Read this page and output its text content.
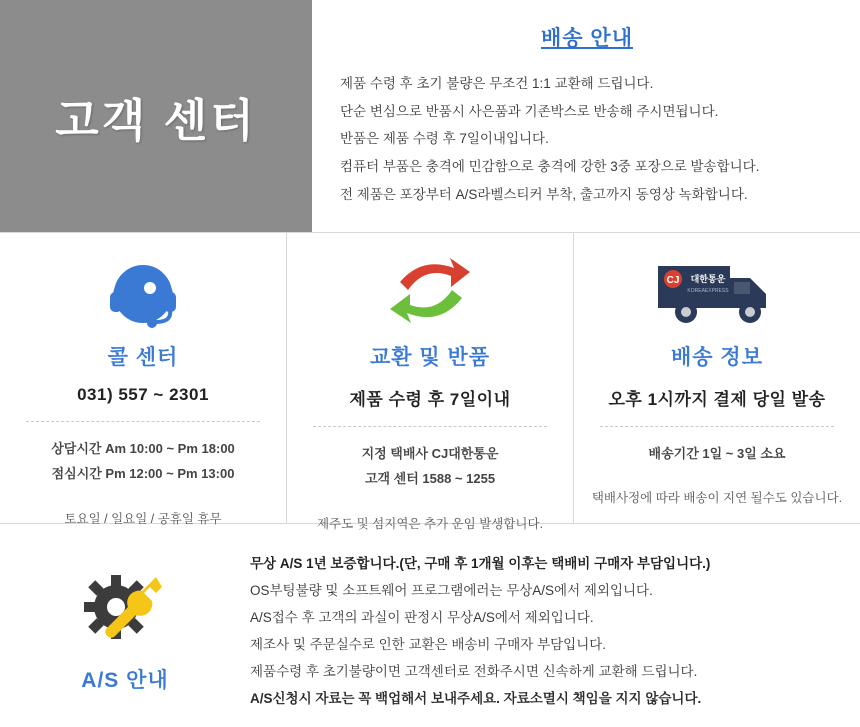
고객 센터
배송 안내
제품 수령 후 초기 불량은 무조건 1:1 교환해 드립니다.
단순 변심으로 반품시 사은품과 기존박스로 반송해 주시면됩니다.
반품은 제품 수령 후 7일이내입니다.
컴퓨터 부품은 충격에 민감함으로 충격에 강한 3중 포장으로 발송합니다.
전 제품은 포장부터 A/S라벨스티커 부착, 출고까지 동영상 녹화합니다.
콜 센터
031) 557 ~ 2301
상담시간 Am 10:00 ~ Pm 18:00
점심시간 Pm 12:00 ~ Pm 13:00
토요일 / 일요일 / 공휴일 휴무
교환 및 반품
제품 수령 후 7일이내
지정 택배사 CJ대한통운
고객 센터 1588 ~ 1255
제주도 및 섬지역은 추가 운임 발생합니다.
CJ 대한통운
KOREAEXPRESS
배송 정보
오후 1시까지 결제 당일 발송
배송기간 1일 ~ 3일 소요
택배사정에 따라 배송이 지연 될수도 있습니다.
A/S 안내
무상 A/S 1년 보증합니다.(단, 구매 후 1개월 이후는 택배비 구매자 부담입니다.)
OS부팅불량 및 소프트웨어 프로그램에러는 무상A/S에서 제외입니다.
A/S접수 후 고객의 과실이 판정시 무상A/S에서 제외입니다.
제조사 및 주문실수로 인한 교환은 배송비 구매자 부담입니다.
제품수령 후 초기불량이면 고객센터로 전화주시면 신속하게 교환해 드립니다.
A/S신청시 자료는 꼭 백업해서 보내주세요. 자료소멸시 책임을 지지 않습니다.
